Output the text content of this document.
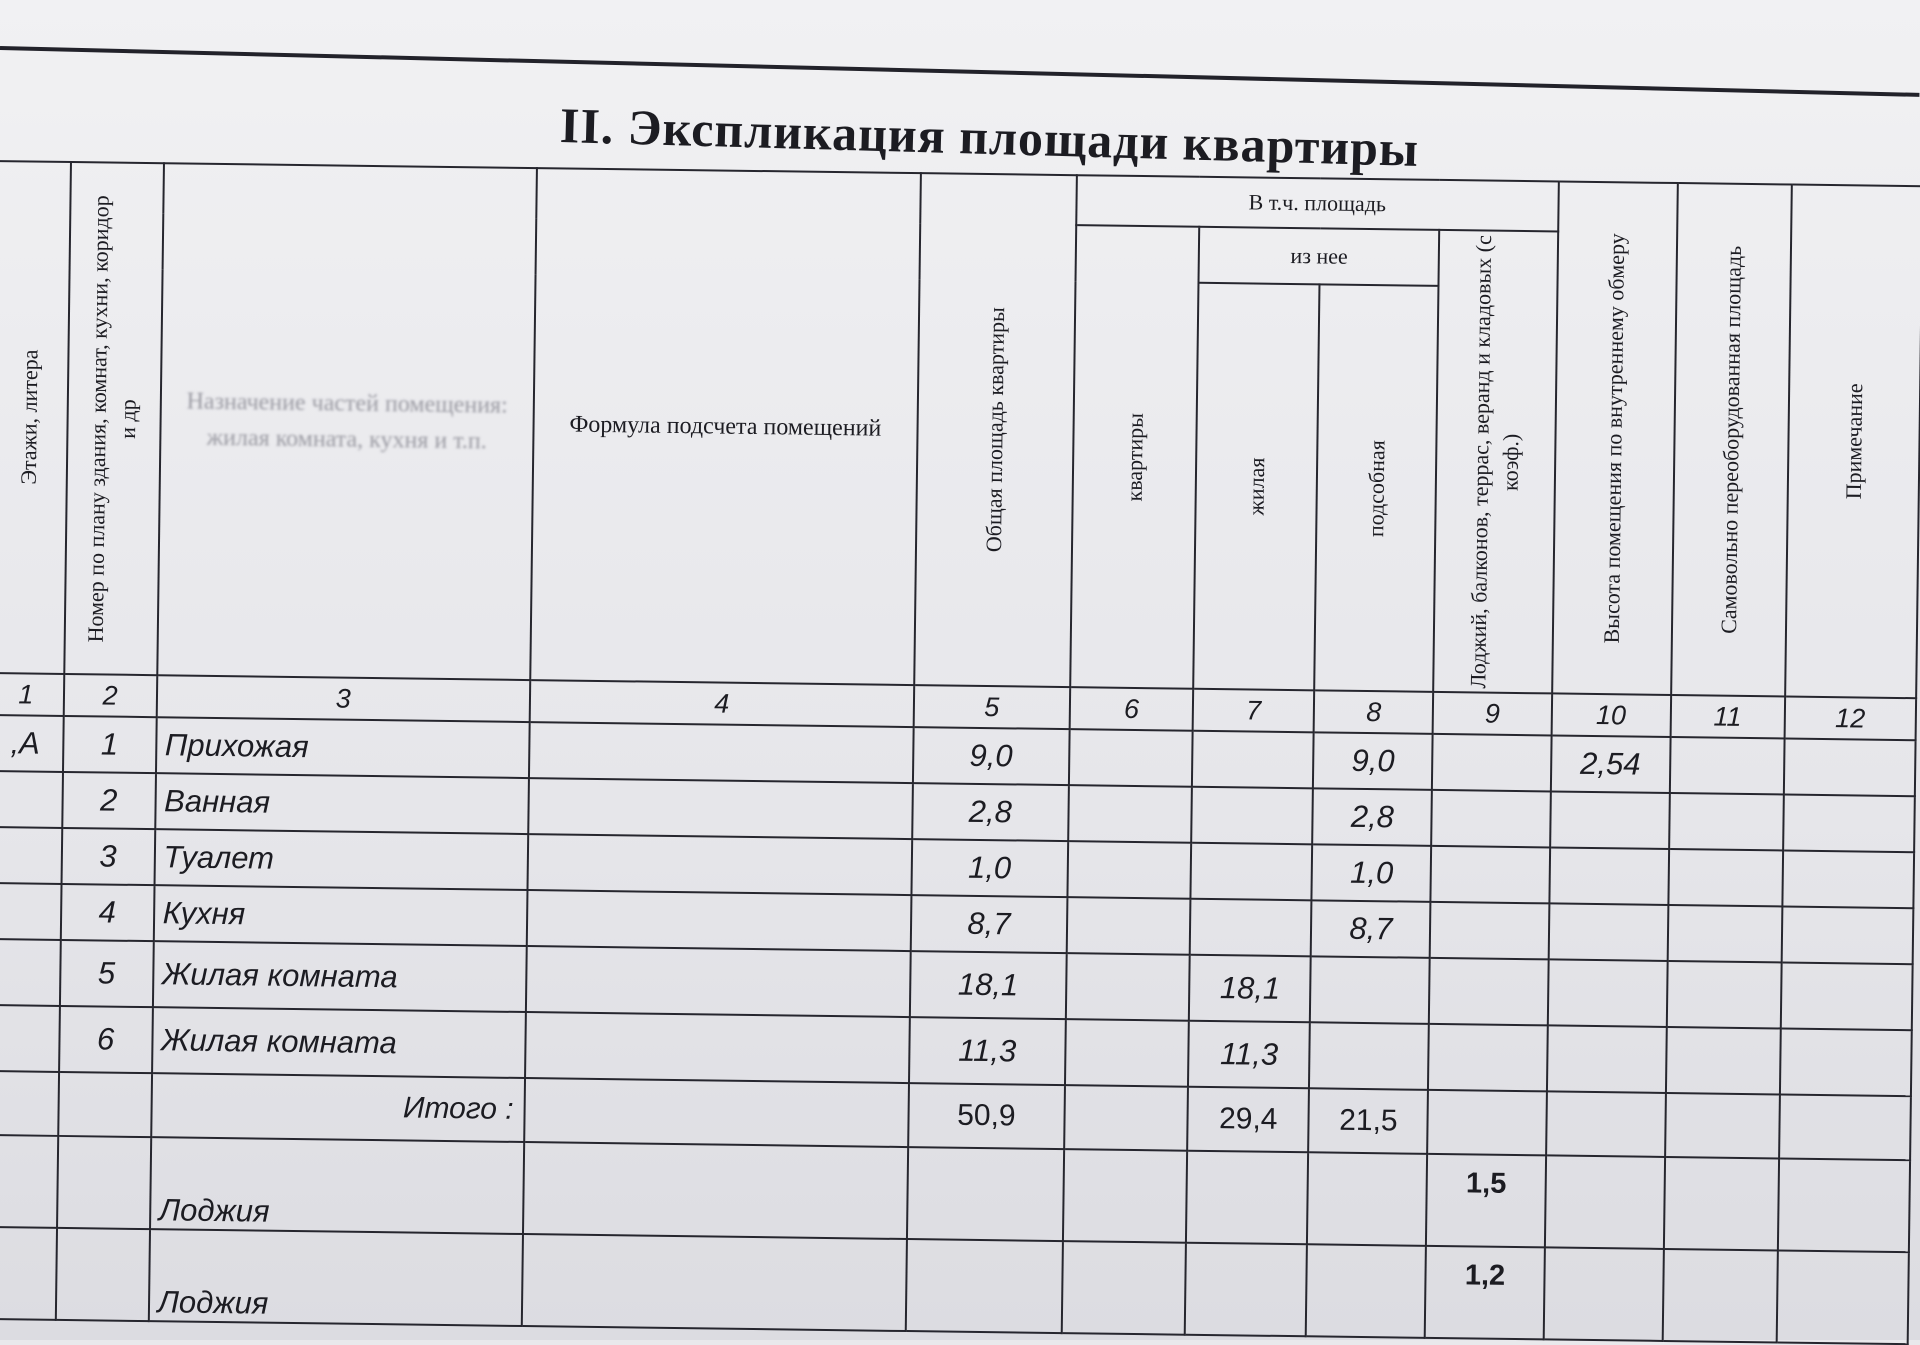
II. Экспликация площади квартиры
Этажи, литера	Номер по плану здания, комнат, кухни, коридор и др	Назначение частей помещения: жилая комната, кухня и т.п.	Формула подсчета помещений	Общая площадь квартиры	В т.ч. площадь				Высота помещения по внутреннему обмеру	Самовольно переоборудованная площадь	Примечание

					квартиры	из нее		Лоджий, балконов, террас, веранд и кладовых (с коэф.)			

						жилая	подсобная				

1	2	3	4	5	6	7	8	9	10	11	12
,А	1	Прихожая		9,0			9,0		2,54		
	2	Ванная		2,8			2,8				
	3	Туалет		1,0			1,0				
	4	Кухня		8,7			8,7				
	5	Жилая комната		18,1		18,1					
	6	Жилая комната		11,3		11,3					
		Итого :		50,9		29,4	21,5				
		Лоджия						1,5			
		Лоджия						1,2			
